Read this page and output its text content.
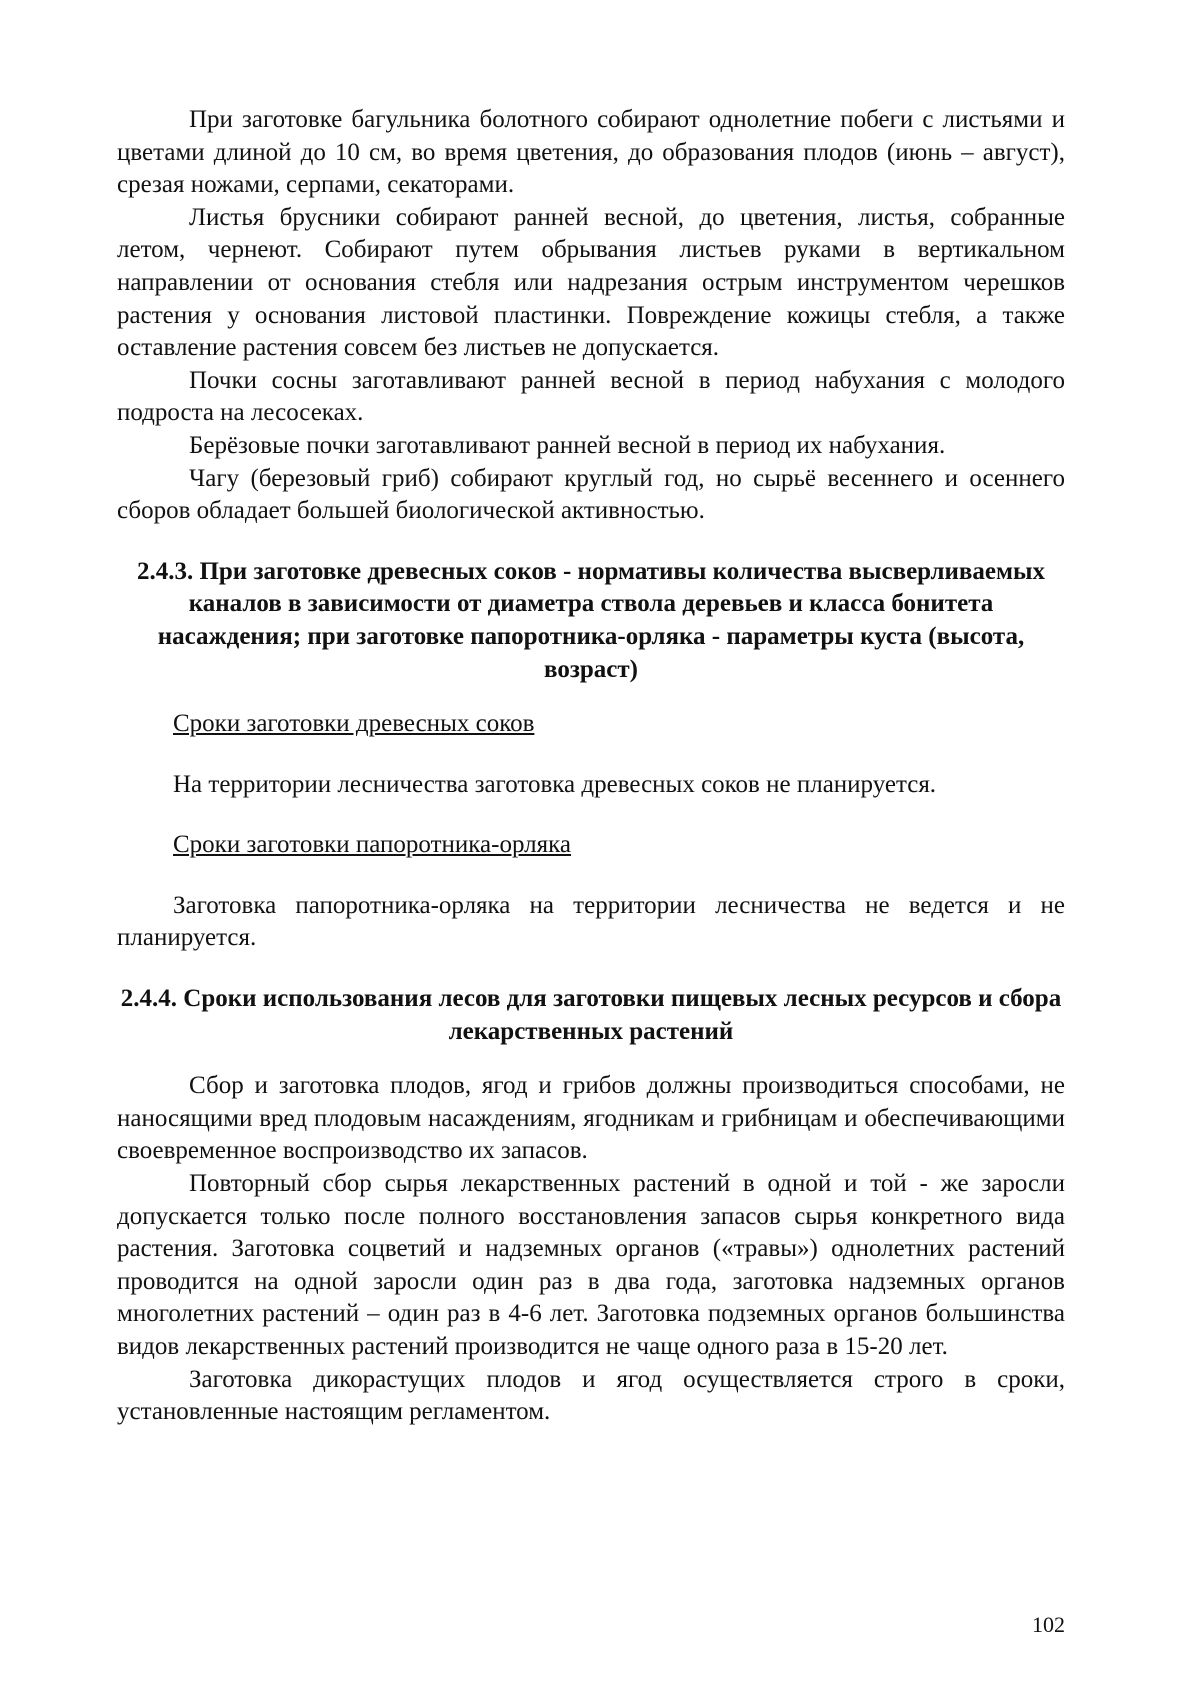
При заготовке багульника болотного собирают однолетние побеги с листьями и цветами длиной до 10 см, во время цветения, до образования плодов (июнь – август), срезая ножами, серпами, секаторами.

Листья брусники собирают ранней весной, до цветения, листья, собранные летом, чернеют. Собирают путем обрывания листьев руками в вертикальном направлении от основания стебля или надрезания острым инструментом черешков растения у основания листовой пластинки. Повреждение кожицы стебля, а также оставление растения совсем без листьев не допускается.

Почки сосны заготавливают ранней весной в период набухания с молодого подроста на лесосеках.

Берёзовые почки заготавливают ранней весной в период их набухания.

Чагу (березовый гриб) собирают круглый год, но сырьё весеннего и осеннего сборов обладает большей биологической активностью.

2.4.3. При заготовке древесных соков - нормативы количества высверливаемых каналов в зависимости от диаметра ствола деревьев и класса бонитета насаждения; при заготовке папоротника-орляка - параметры куста (высота, возраст)
Сроки заготовки древесных соков

На территории лесничества заготовка древесных соков не планируется.

Сроки заготовки папоротника-орляка

Заготовка папоротника-орляка на территории лесничества не ведется и не планируется.

2.4.4. Сроки использования лесов для заготовки пищевых лесных ресурсов и сбора лекарственных растений

Сбор и заготовка плодов, ягод и грибов должны производиться способами, не наносящими вред плодовым насаждениям, ягодникам и грибницам и обеспечивающими своевременное воспроизводство их запасов.

Повторный сбор сырья лекарственных растений в одной и той - же заросли допускается только после полного восстановления запасов сырья конкретного вида растения. Заготовка соцветий и надземных органов («травы») однолетних растений проводится на одной заросли один раз в два года, заготовка надземных органов многолетних растений – один раз в 4-6 лет. Заготовка подземных органов большинства видов лекарственных растений производится не чаще одного раза в 15-20 лет.

Заготовка дикорастущих плодов и ягод осуществляется строго в сроки, установленные настоящим регламентом.

102
